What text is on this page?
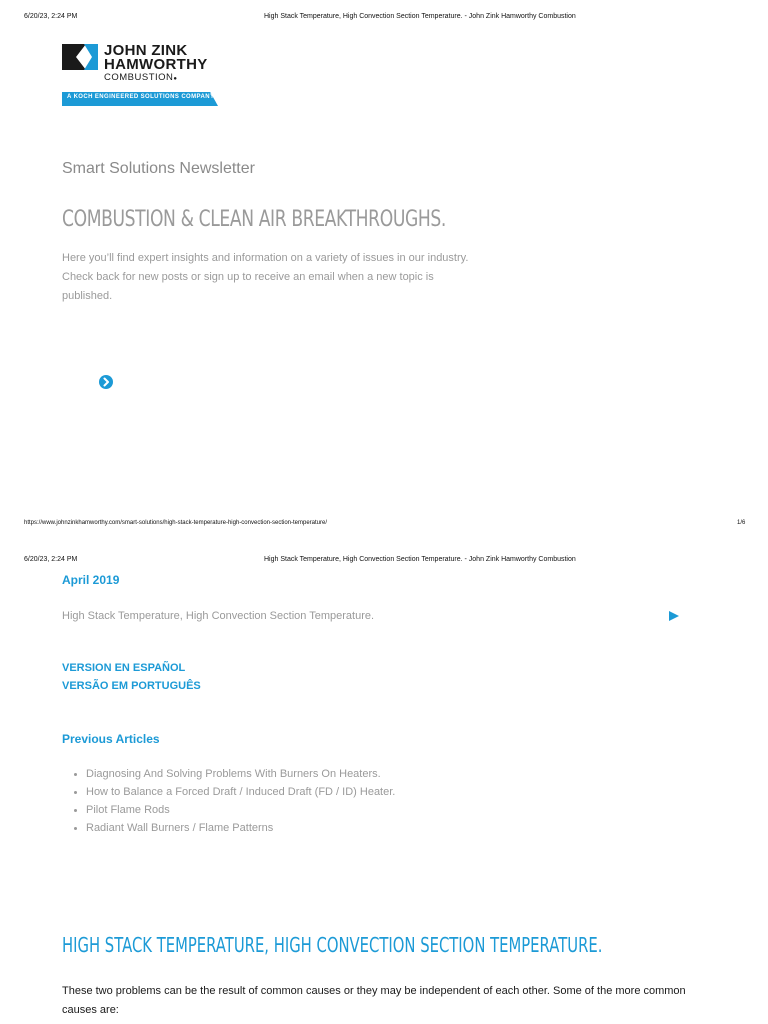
6/20/23, 2:24 PM	High Stack Temperature, High Convection Section Temperature. - John Zink Hamworthy Combustion
JOHN ZINK
HAMWORTHY
COMBUSTION●
A KOCH ENGINEERED SOLUTIONS COMPANY
Smart Solutions Newsletter
COMBUSTION & CLEAN AIR BREAKTHROUGHS.
Here you’ll find expert insights and information on a variety of issues in our industry. Check back for new posts or sign up to receive an email when a new topic is published.
https://www.johnzinkhamworthy.com/smart-solutions/high-stack-temperature-high-convection-section-temperature/	1/6
6/20/23, 2:24 PM	High Stack Temperature, High Convection Section Temperature. - John Zink Hamworthy Combustion
April 2019
High Stack Temperature, High Convection Section Temperature.
VERSION EN ESPAÑOL
VERSÃO EM PORTUGUÊS
Previous Articles
• Diagnosing And Solving Problems With Burners On Heaters.
• How to Balance a Forced Draft / Induced Draft (FD / ID) Heater.
• Pilot Flame Rods
• Radiant Wall Burners / Flame Patterns
HIGH STACK TEMPERATURE, HIGH CONVECTION SECTION TEMPERATURE.
These two problems can be the result of common causes or they may be independent of each other. Some of the more common causes are:
